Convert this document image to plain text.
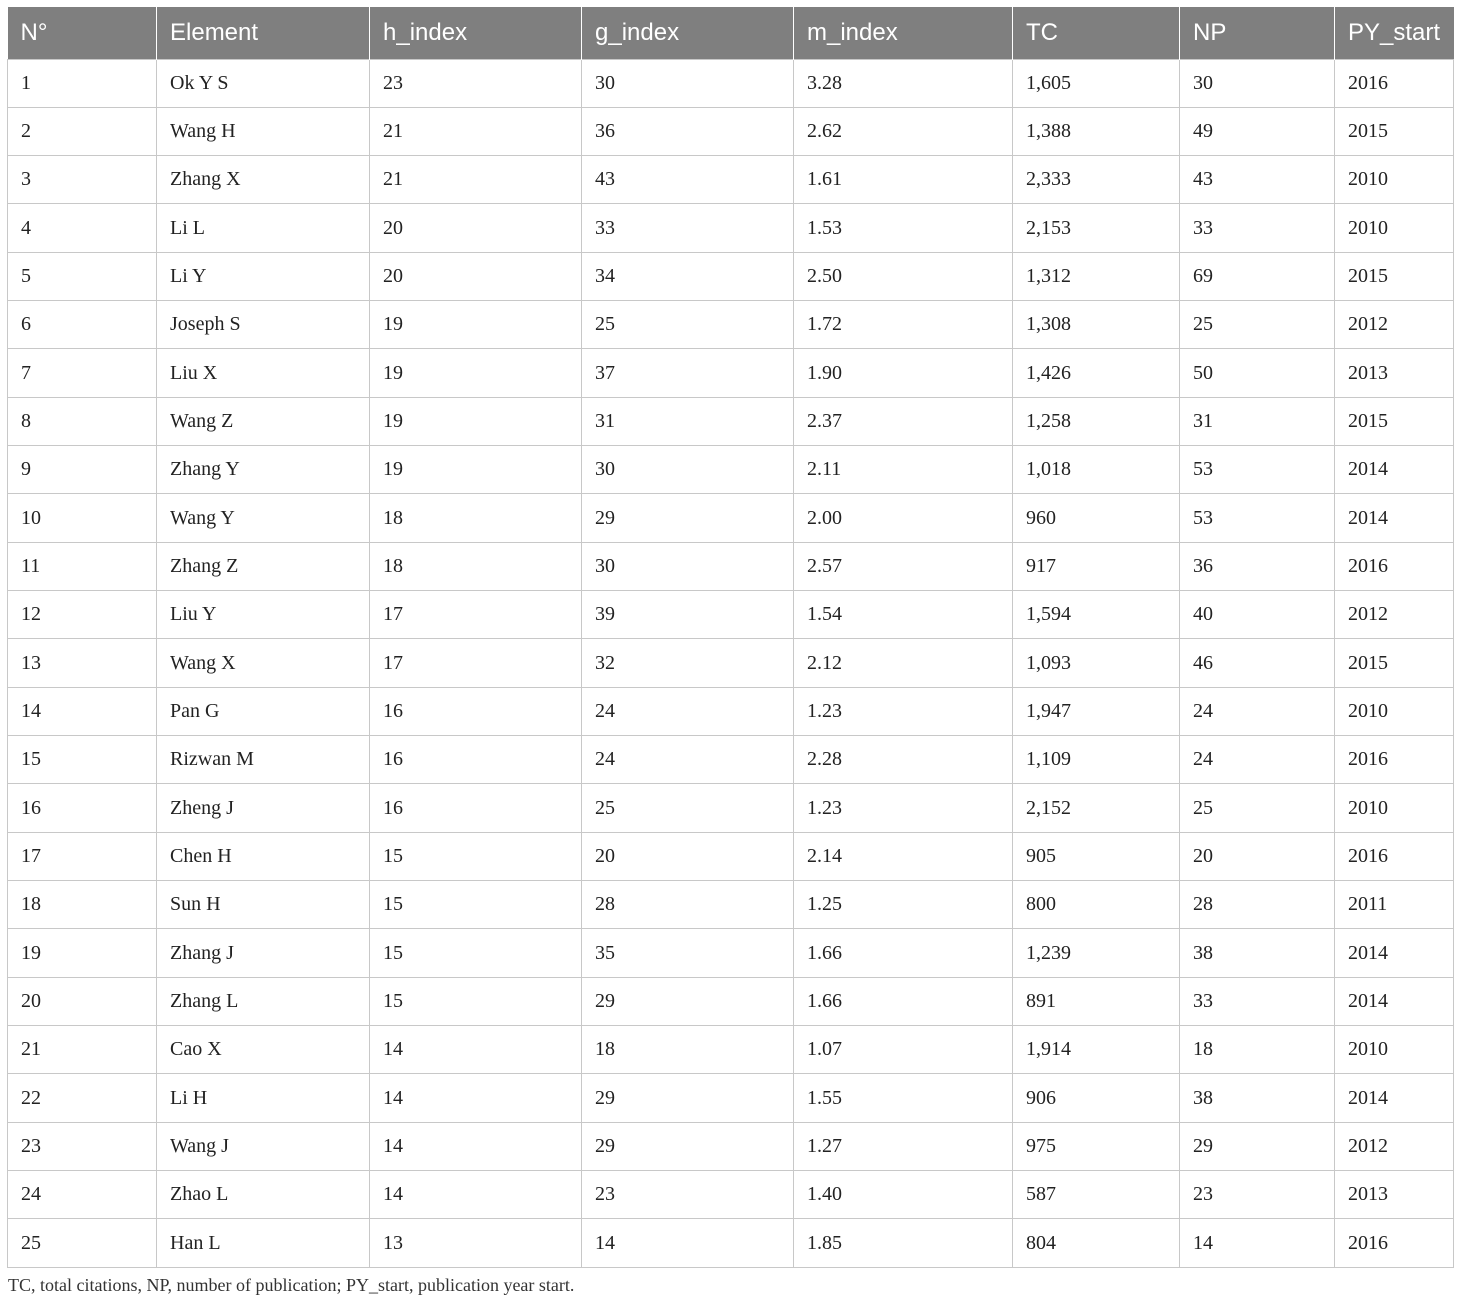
N°	Element	h_index	g_index	m_index	TC	NP	PY_start
1	Ok Y S	23	30	3.28	1,605	30	2016
2	Wang H	21	36	2.62	1,388	49	2015
3	Zhang X	21	43	1.61	2,333	43	2010
4	Li L	20	33	1.53	2,153	33	2010
5	Li Y	20	34	2.50	1,312	69	2015
6	Joseph S	19	25	1.72	1,308	25	2012
7	Liu X	19	37	1.90	1,426	50	2013
8	Wang Z	19	31	2.37	1,258	31	2015
9	Zhang Y	19	30	2.11	1,018	53	2014
10	Wang Y	18	29	2.00	960	53	2014
11	Zhang Z	18	30	2.57	917	36	2016
12	Liu Y	17	39	1.54	1,594	40	2012
13	Wang X	17	32	2.12	1,093	46	2015
14	Pan G	16	24	1.23	1,947	24	2010
15	Rizwan M	16	24	2.28	1,109	24	2016
16	Zheng J	16	25	1.23	2,152	25	2010
17	Chen H	15	20	2.14	905	20	2016
18	Sun H	15	28	1.25	800	28	2011
19	Zhang J	15	35	1.66	1,239	38	2014
20	Zhang L	15	29	1.66	891	33	2014
21	Cao X	14	18	1.07	1,914	18	2010
22	Li H	14	29	1.55	906	38	2014
23	Wang J	14	29	1.27	975	29	2012
24	Zhao L	14	23	1.40	587	23	2013
25	Han L	13	14	1.85	804	14	2016
TC, total citations, NP, number of publication; PY_start, publication year start.
